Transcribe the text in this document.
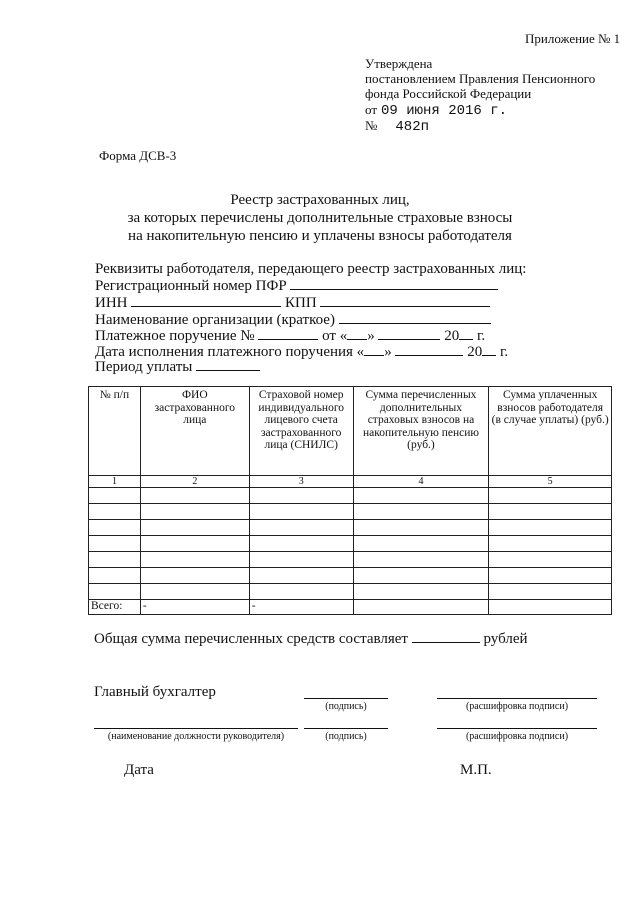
Приложение № 1
Утверждена
постановлением Правления Пенсионного
фонда Российской Федерации
от 09 июня 2016 г.
№ 482п
Форма ДСВ-3
Реестр застрахованных лиц,
за которых перечислены дополнительные страховые взносы
на накопительную пенсию и уплачены взносы работодателя
Реквизиты работодателя, передающего реестр застрахованных лиц:
Регистрационный номер ПФР
ИНН	КПП
Наименование организации (краткое)
Платежное поручение №	от « »	20 г.
Дата исполнения платежного поручения « »	20 г.
Период уплаты
№ п/п	ФИО застрахованного лица	Страховой номер индивидуального лицевого счета застрахованного лица (СНИЛС)	Сумма перечисленных дополнительных страховых взносов на накопительную пенсию (руб.)	Сумма уплаченных взносов работодателя (в случае уплаты) (руб.)
1	2	3	4	5

Всего:	-	-		
Общая сумма перечисленных средств составляет	рублей
Главный бухгалтер
(подпись)	(расшифровка подписи)
(наименование должности руководителя)	(подпись)	(расшифровка подписи)
Дата	М.П.
